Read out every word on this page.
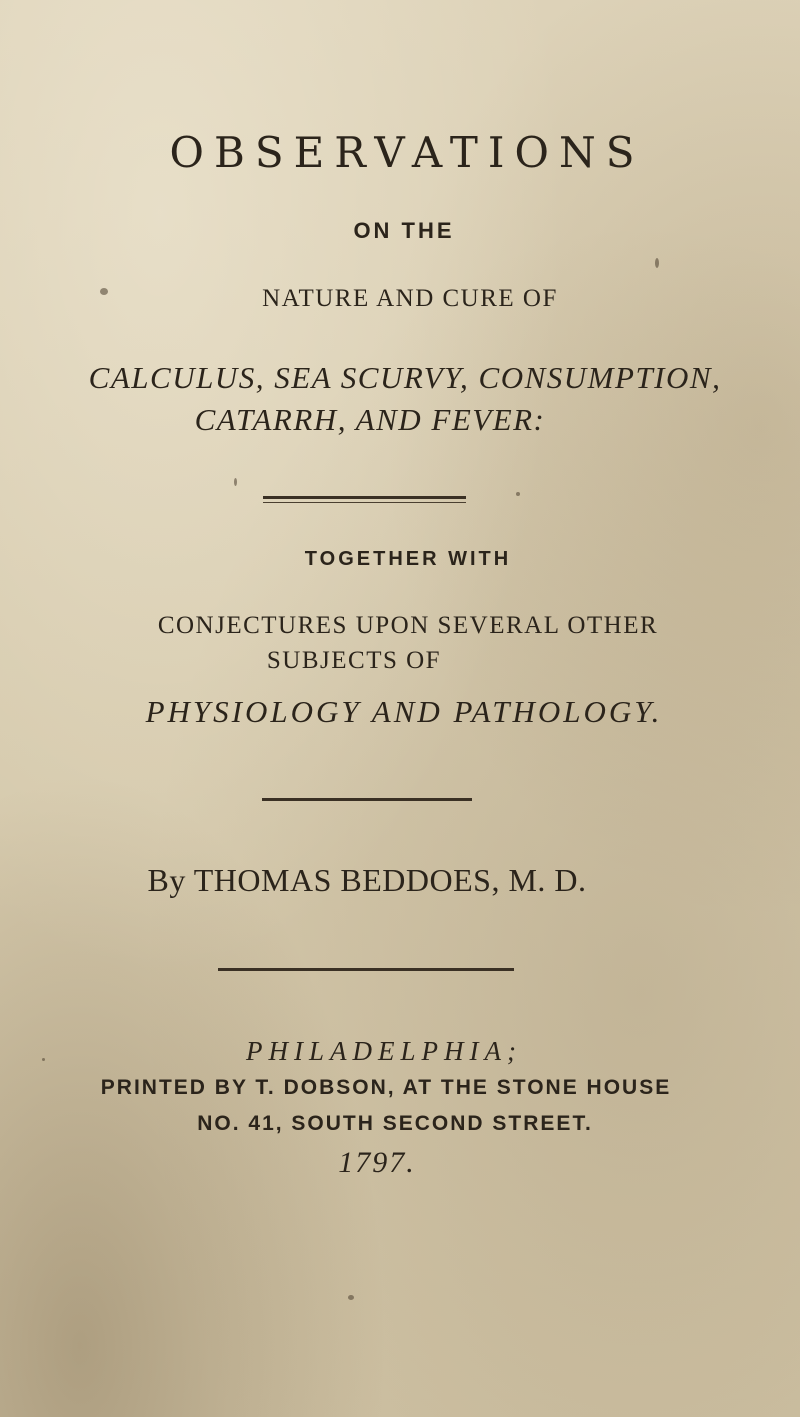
OBSERVATIONS
ON THE
NATURE AND CURE OF
CALCULUS, SEA SCURVY, CONSUMPTION,
CATARRH, AND FEVER:
TOGETHER WITH
CONJECTURES UPON SEVERAL OTHER
SUBJECTS OF
PHYSIOLOGY AND PATHOLOGY.
By THOMAS BEDDOES, M. D.
PHILADELPHIA;
PRINTED BY T. DOBSON, AT THE STONE HOUSE
NO. 41, SOUTH SECOND STREET.
1797.
